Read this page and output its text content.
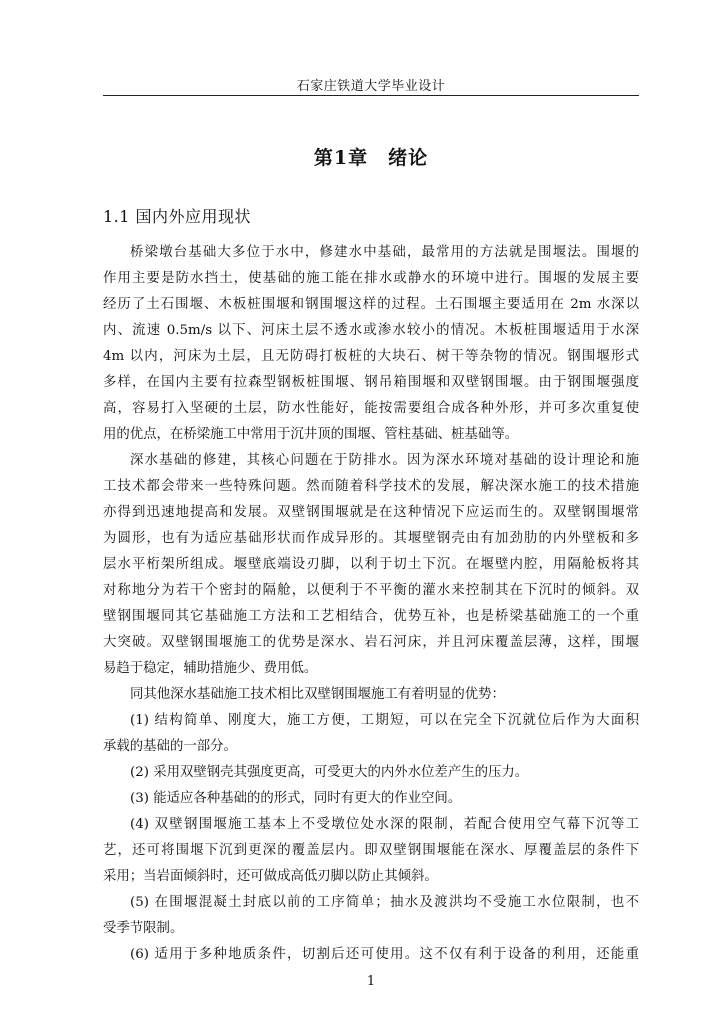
石家庄铁道大学毕业设计
第1章　绪论
1.1 国内外应用现状
桥梁墩台基础大多位于水中，修建水中基础，最常用的方法就是围堰法。围堰的
作用主要是防水挡土，使基础的施工能在排水或静水的环境中进行。围堰的发展主要
经历了土石围堰、木板桩围堰和钢围堰这样的过程。土石围堰主要适用在 2m 水深以
内、流速 0.5m/s 以下、河床土层不透水或渗水较小的情况。木板桩围堰适用于水深
4m 以内，河床为土层，且无防碍打板桩的大块石、树干等杂物的情况。钢围堰形式
多样，在国内主要有拉森型钢板桩围堰、钢吊箱围堰和双壁钢围堰。由于钢围堰强度
高，容易打入坚硬的土层，防水性能好，能按需要组合成各种外形，并可多次重复使
用的优点，在桥梁施工中常用于沉井顶的围堰、管柱基础、桩基础等。
深水基础的修建，其核心问题在于防排水。因为深水环境对基础的设计理论和施
工技术都会带来一些特殊问题。然而随着科学技术的发展，解决深水施工的技术措施
亦得到迅速地提高和发展。双壁钢围堰就是在这种情况下应运而生的。双壁钢围堰常
为圆形，也有为适应基础形状而作成异形的。其堰壁钢壳由有加劲肋的内外壁板和多
层水平桁架所组成。堰壁底端设刃脚，以利于切土下沉。在堰壁内腔，用隔舱板将其
对称地分为若干个密封的隔舱，以便利于不平衡的灌水来控制其在下沉时的倾斜。双
壁钢围堰同其它基础施工方法和工艺相结合，优势互补，也是桥梁基础施工的一个重
大突破。双壁钢围堰施工的优势是深水、岩石河床，并且河床覆盖层薄，这样，围堰
易趋于稳定，辅助措施少、费用低。
同其他深水基础施工技术相比双壁钢围堰施工有着明显的优势：
(1) 结构简单、刚度大，施工方便，工期短，可以在完全下沉就位后作为大面积
承载的基础的一部分。
(2) 采用双壁钢壳其强度更高，可受更大的内外水位差产生的压力。
(3) 能适应各种基础的的形式，同时有更大的作业空间。
(4) 双壁钢围堰施工基本上不受墩位处水深的限制，若配合使用空气幕下沉等工
艺，还可将围堰下沉到更深的覆盖层内。即双壁钢围堰能在深水、厚覆盖层的条件下
采用；当岩面倾斜时，还可做成高低刃脚以防止其倾斜。
(5) 在围堰混凝土封底以前的工序简单；抽水及渡洪均不受施工水位限制，也不
受季节限制。
(6) 适用于多种地质条件，切割后还可使用。这不仅有利于设备的利用，还能重
1
